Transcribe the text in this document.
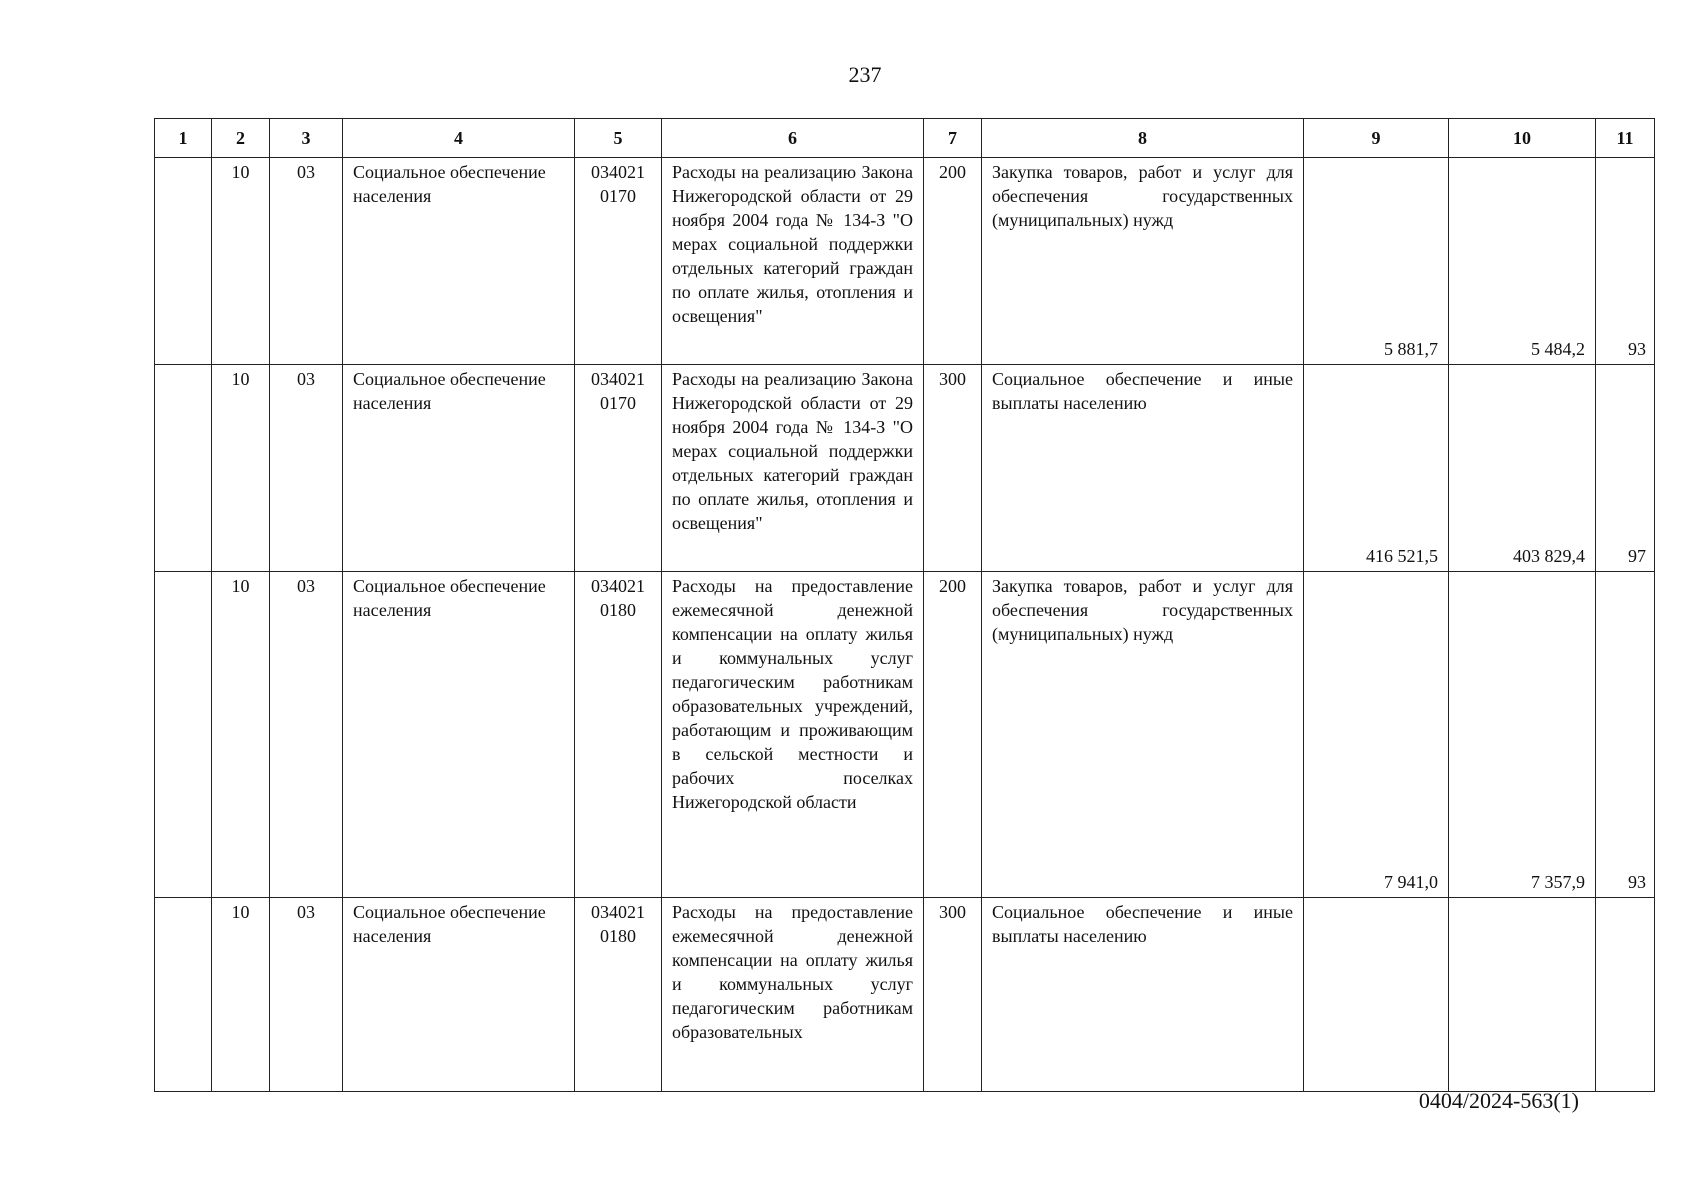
237
1	2	3	4	5	6	7	8	9	10	11
	10	03	Социальное обеспечение населения	034021 0170	Расходы на реализацию Закона Нижегородской области от 29 ноября 2004 года № 134-З "О мерах социальной поддержки отдельных категорий граждан по оплате жилья, отопления и освещения"	200	Закупка товаров, работ и услуг для обеспечения государственных (муниципальных) нужд	5 881,7	5 484,2	93
	10	03	Социальное обеспечение населения	034021 0170	Расходы на реализацию Закона Нижегородской области от 29 ноября 2004 года № 134-З "О мерах социальной поддержки отдельных категорий граждан по оплате жилья, отопления и освещения"	300	Социальное обеспечение и иные выплаты населению	416 521,5	403 829,4	97
	10	03	Социальное обеспечение населения	034021 0180	Расходы на предоставление ежемесячной денежной компенсации на оплату жилья и коммунальных услуг педагогическим работникам образовательных учреждений, работающим и проживающим в сельской местности и рабочих поселках Нижегородской области	200	Закупка товаров, работ и услуг для обеспечения государственных (муниципальных) нужд	7 941,0	7 357,9	93
	10	03	Социальное обеспечение населения	034021 0180	Расходы на предоставление ежемесячной денежной компенсации на оплату жилья и коммунальных услуг педагогическим работникам образовательных	300	Социальное обеспечение и иные выплаты населению			
0404/2024-563(1)
